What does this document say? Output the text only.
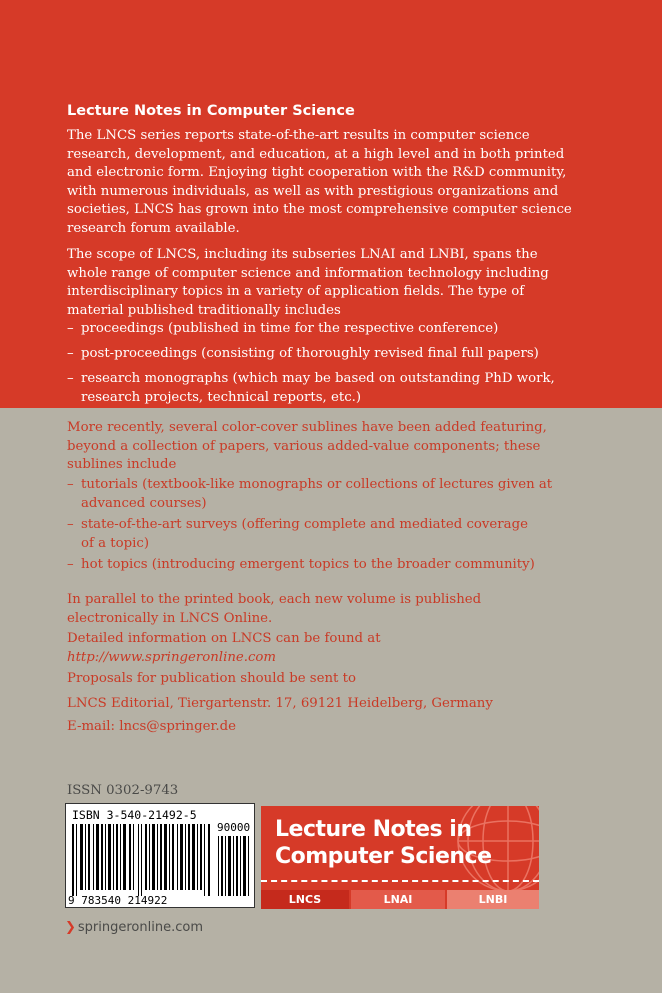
Lecture Notes in Computer Science
The LNCS series reports state-of-the-art results in computer science
research, development, and education, at a high level and in both printed
and electronic form. Enjoying tight cooperation with the R&D community,
with numerous individuals, as well as with prestigious organizations and
societies, LNCS has grown into the most comprehensive computer science
research forum available.
The scope of LNCS, including its subseries LNAI and LNBI, spans the
whole range of computer science and information technology including
interdisciplinary topics in a variety of application fields. The type of
material published traditionally includes
– proceedings (published in time for the respective conference)
– post-proceedings (consisting of thoroughly revised final full papers)
– research monographs (which may be based on outstanding PhD work,
research projects, technical reports, etc.)
More recently, several color-cover sublines have been added featuring,
beyond a collection of papers, various added-value components; these
sublines include
– tutorials (textbook-like monographs or collections of lectures given at
advanced courses)
– state-of-the-art surveys (offering complete and mediated coverage
of a topic)
– hot topics (introducing emergent topics to the broader community)
In parallel to the printed book, each new volume is published
electronically in LNCS Online.
Detailed information on LNCS can be found at
http://www.springeronline.com
Proposals for publication should be sent to
LNCS Editorial, Tiergartenstr. 17, 69121 Heidelberg, Germany
E-mail: lncs@springer.de
ISSN 0302-9743
ISBN 3-540-21492-5
90000
9 783540 214922
Lecture Notes in
Computer Science
LNCS	LNAI	LNBI
❯ springeronline.com
